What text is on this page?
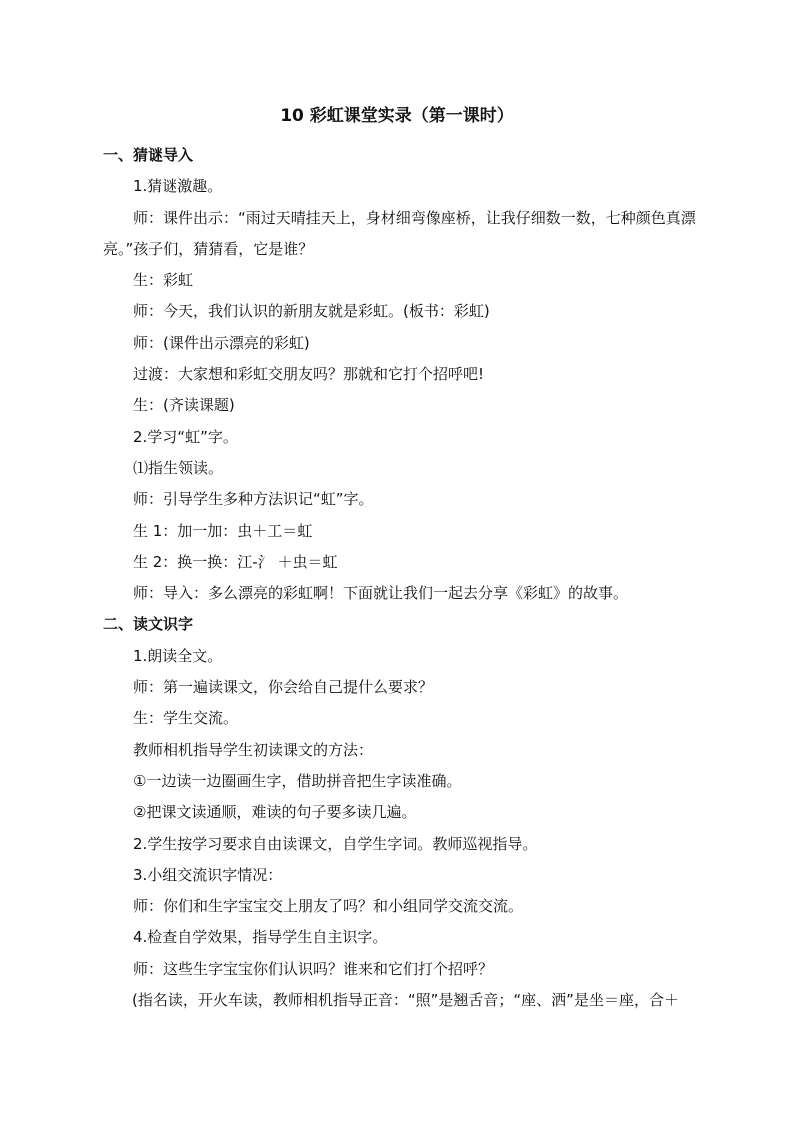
10 彩虹课堂实录（第一课时）
一、猜谜导入
1.猜谜激趣。
师：课件出示：“雨过天晴挂天上，身材细弯像座桥，让我仔细数一数，七种颜色真漂
亮。”孩子们，猜猜看，它是谁？
生：彩虹
师：今天，我们认识的新朋友就是彩虹。(板书：彩虹)
师：(课件出示漂亮的彩虹)
过渡：大家想和彩虹交朋友吗？那就和它打个招呼吧!
生：(齐读课题)
2.学习“虹”字。
⑴指生领读。
师：引导学生多种方法识记“虹”字。
生 1：加一加：虫＋工＝虹
生 2：换一换：江-氵 ＋虫＝虹
师：导入：多么漂亮的彩虹啊！下面就让我们一起去分享《彩虹》的故事。
二、读文识字
1.朗读全文。
师：第一遍读课文，你会给自己提什么要求？
生：学生交流。
教师相机指导学生初读课文的方法：
①一边读一边圈画生字，借助拼音把生字读准确。
②把课文读通顺，难读的句子要多读几遍。
2.学生按学习要求自由读课文，自学生字词。教师巡视指导。
3.小组交流识字情况：
师：你们和生字宝宝交上朋友了吗？和小组同学交流交流。
4.检查自学效果，指导学生自主识字。
师：这些生字宝宝你们认识吗？谁来和它们打个招呼？
(指名读，开火车读，教师相机指导正音：“照”是翘舌音；“座、洒”是坐＝座，合＋
